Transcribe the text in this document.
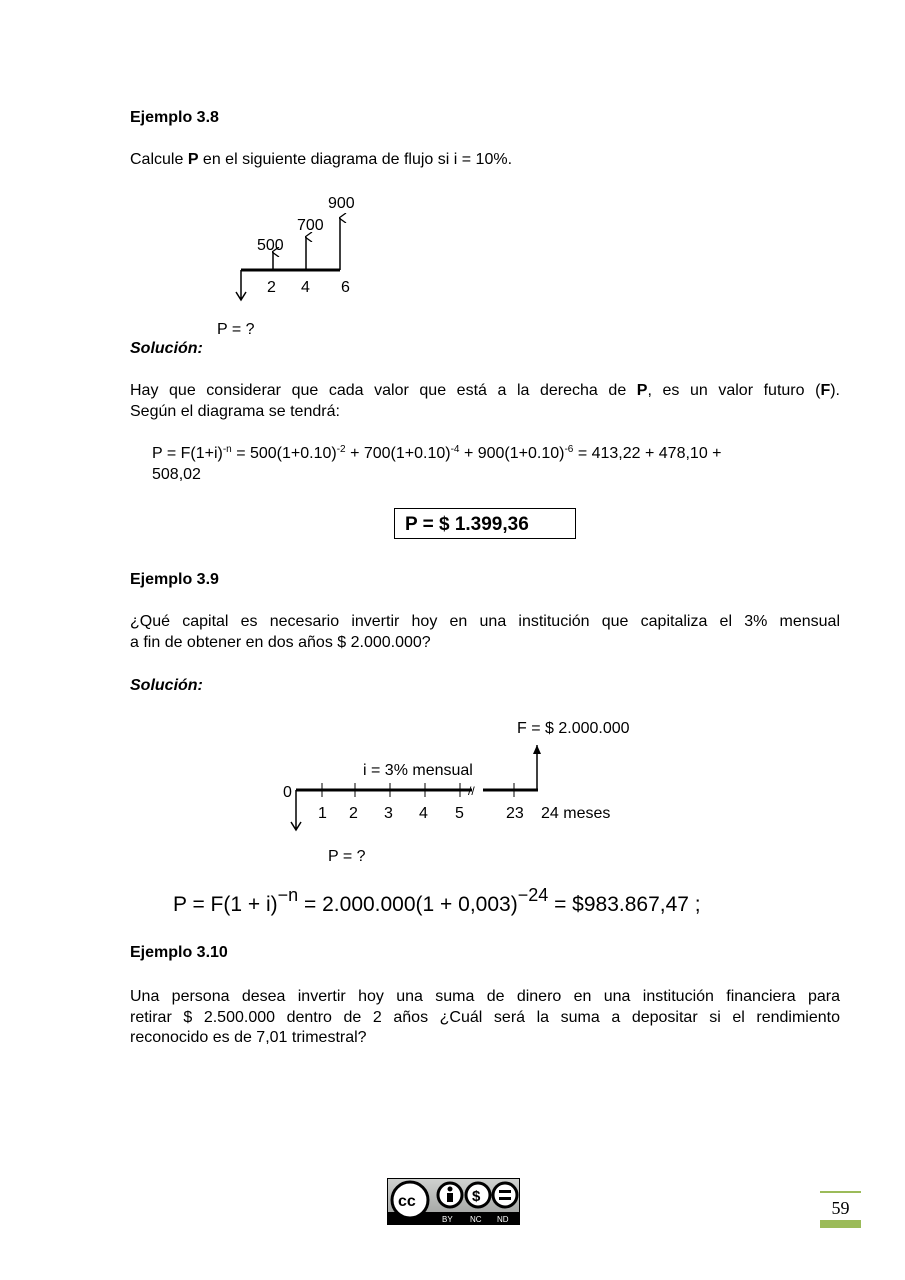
Ejemplo 3.8
Calcule P en el siguiente diagrama de flujo si i = 10%.
500
700
900
2 4 6
P = ?
//
F = $ 2.000.000
i = 3% mensual
0
1 2 3 4 5	23 24 meses
P = ?
Solución:
Hay que considerar que cada valor que está a la derecha de P, es un valor futuro (F).
Según el diagrama se tendrá:
$P = F(1+i)^{-n} = 500(1+0.10)^{-2} + 700(1+0.10)^{-4} + 900(1+0.10)^{-6} = 413,22 + 478,10$ +
508,02
P = $ 1.399,36
Ejemplo 3.9
¿Qué capital es necesario invertir hoy en una institución que capitaliza el 3% mensual
a fin de obtener en dos años $ 2.000.000?
Solución:
$P = F(1 + i)^{-n} = 2.000.000(1 + 0,003)^{-24}$ = $983.867,47 ;
Ejemplo 3.10
Una persona desea invertir hoy una suma de dinero en una institución financiera para
retirar $ 2.500.000 dentro de 2 años ¿Cuál será la suma a depositar si el rendimiento
reconocido es de 7,01 trimestral?
cc	$
BY NC ND
59
